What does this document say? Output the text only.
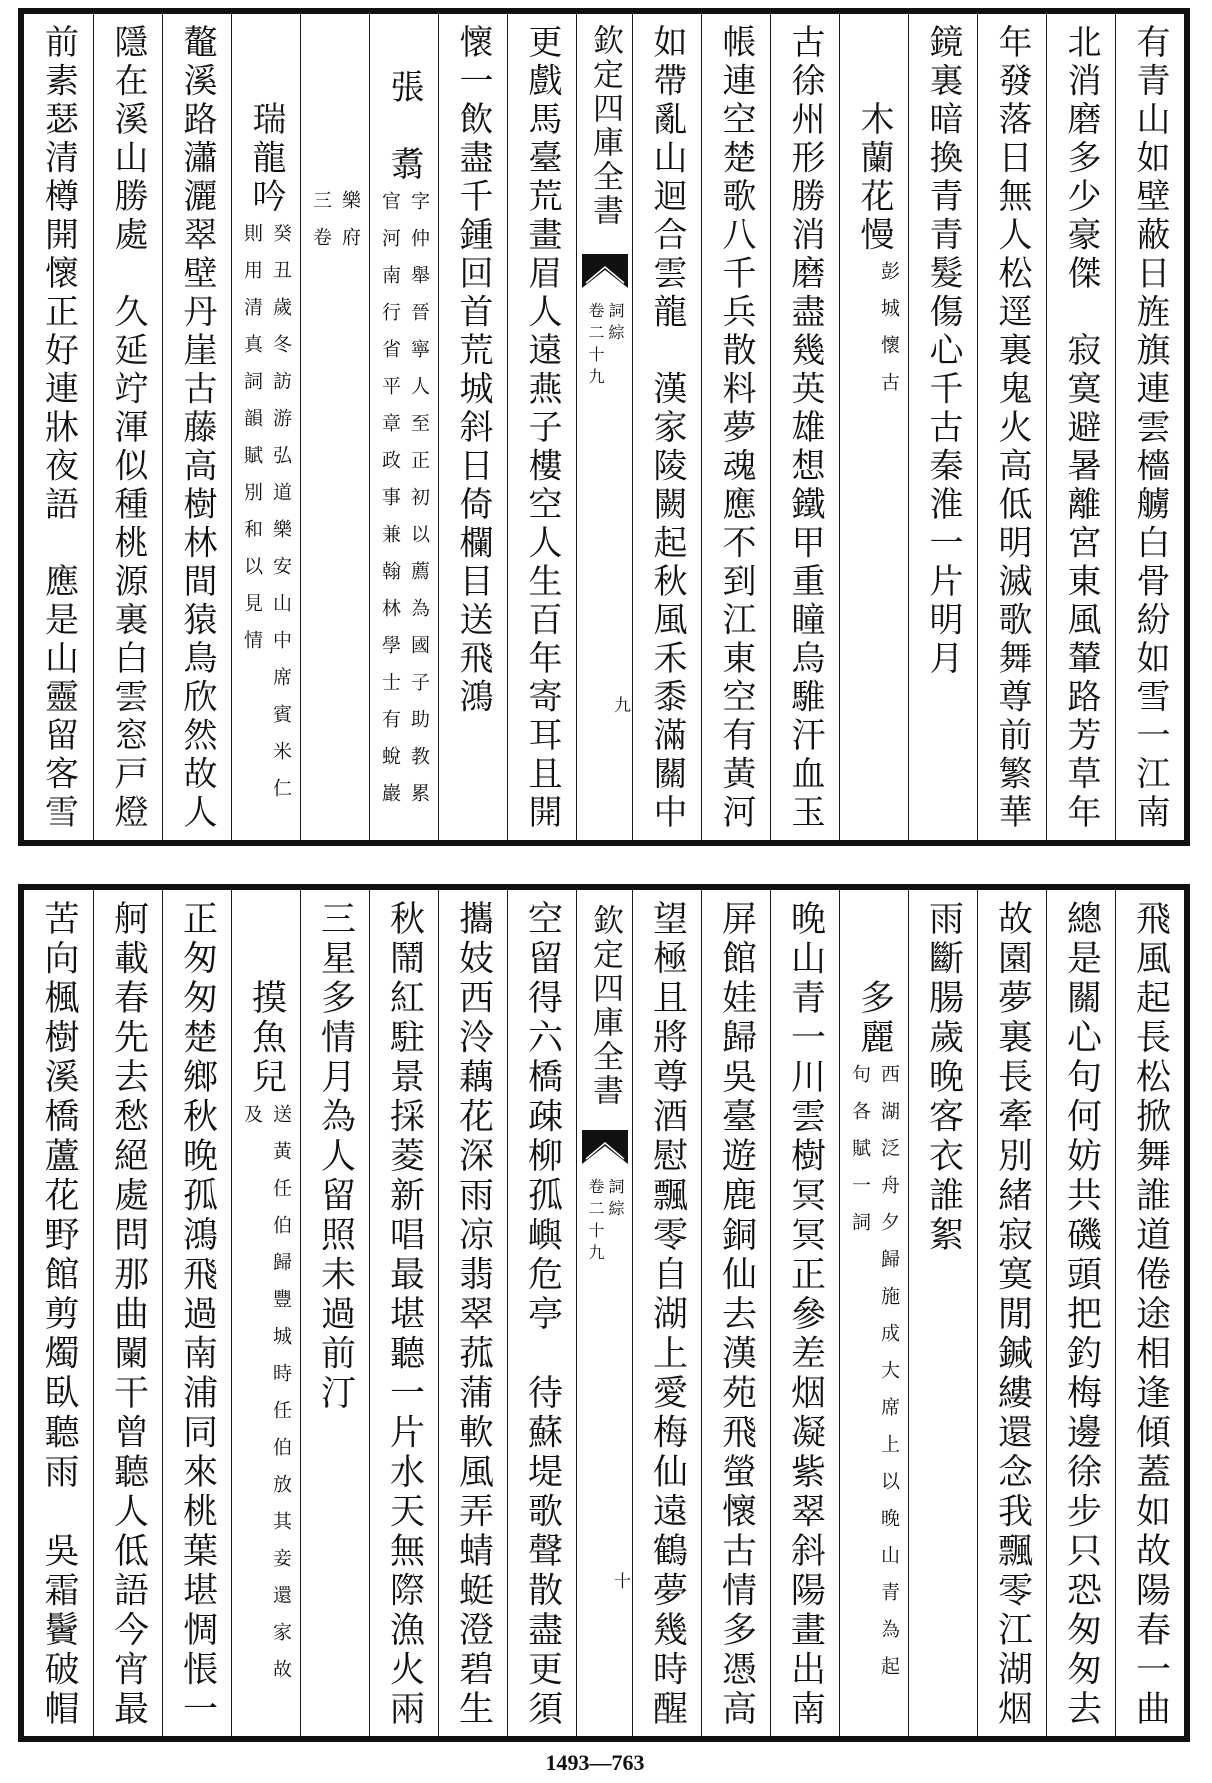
有青山如壁蔽日旌旗連雲檣艣白骨紛如雪一江南
北消磨多少豪傑　寂寞避暑離宮東風輦路芳草年
年發落日無人松逕裏鬼火高低明滅歌舞尊前繁華
鏡裏暗換青青髮傷心千古秦淮一片明月
木蘭花慢
彭城懷古
古徐州形勝消磨盡幾英雄想鐵甲重瞳烏騅汗血玉
帳連空楚歌八千兵散料夢魂應不到江東空有黃河
如帶亂山迴合雲龍　漢家陵闕起秋風禾黍滿關中
欽定四庫全書
詞綜
卷二十九
九
更戲馬臺荒畫眉人遠燕子樓空人生百年寄耳且開
懷一飲盡千鍾回首荒城斜日倚欄目送飛鴻
張　翥
字仲舉晉寧人至正初以薦為國子助教累
官河南行省平章政事兼翰林學士有蛻巖
樂府
三卷
瑞龍吟
癸丑歲冬訪游弘道樂安山中席賓米仁
則用清真詞韻賦別和以見情
鼇溪路瀟灑翠壁丹崖古藤高樹林間猿鳥欣然故人
隱在溪山勝處　久延竚渾似種桃源裏白雲窓戸燈
前素瑟清樽開懷正好連牀夜語　應是山靈留客雪
飛風起長松掀舞誰道倦途相逢傾蓋如故陽春一曲
總是關心句何妨共磯頭把釣梅邊徐步只恐匆匆去
故園夢裏長牽別緒寂寞閒鍼縷還念我飄零江湖烟
雨斷腸歲晚客衣誰絮
多麗
西湖泛舟夕歸施成大席上以晚山青為起
句各賦一詞
晚山青一川雲樹冥冥正參差烟凝紫翠斜陽畫出南
屏館娃歸吳臺遊鹿銅仙去漢苑飛螢懷古情多憑高
望極且將尊酒慰飄零自湖上愛梅仙遠鶴夢幾時醒
欽定四庫全書
詞綜
卷二十九
十
空留得六橋疎柳孤嶼危亭　待蘇堤歌聲散盡更須
攜妓西泠藕花深雨凉翡翠菰蒲軟風弄蜻蜓澄碧生
秋鬧紅駐景採菱新唱最堪聽一片水天無際漁火兩
三星多情月為人留照未過前汀
摸魚兒
送黃任伯歸豐城時任伯放其妾還家故
及
正匆匆楚鄉秋晚孤鴻飛過南浦同來桃葉堪惆悵一
舸載春先去愁絕處問那曲闌干曾聽人低語今宵最
苦向楓樹溪橋蘆花野館剪燭臥聽雨　吳霜鬢破帽
1493—763
